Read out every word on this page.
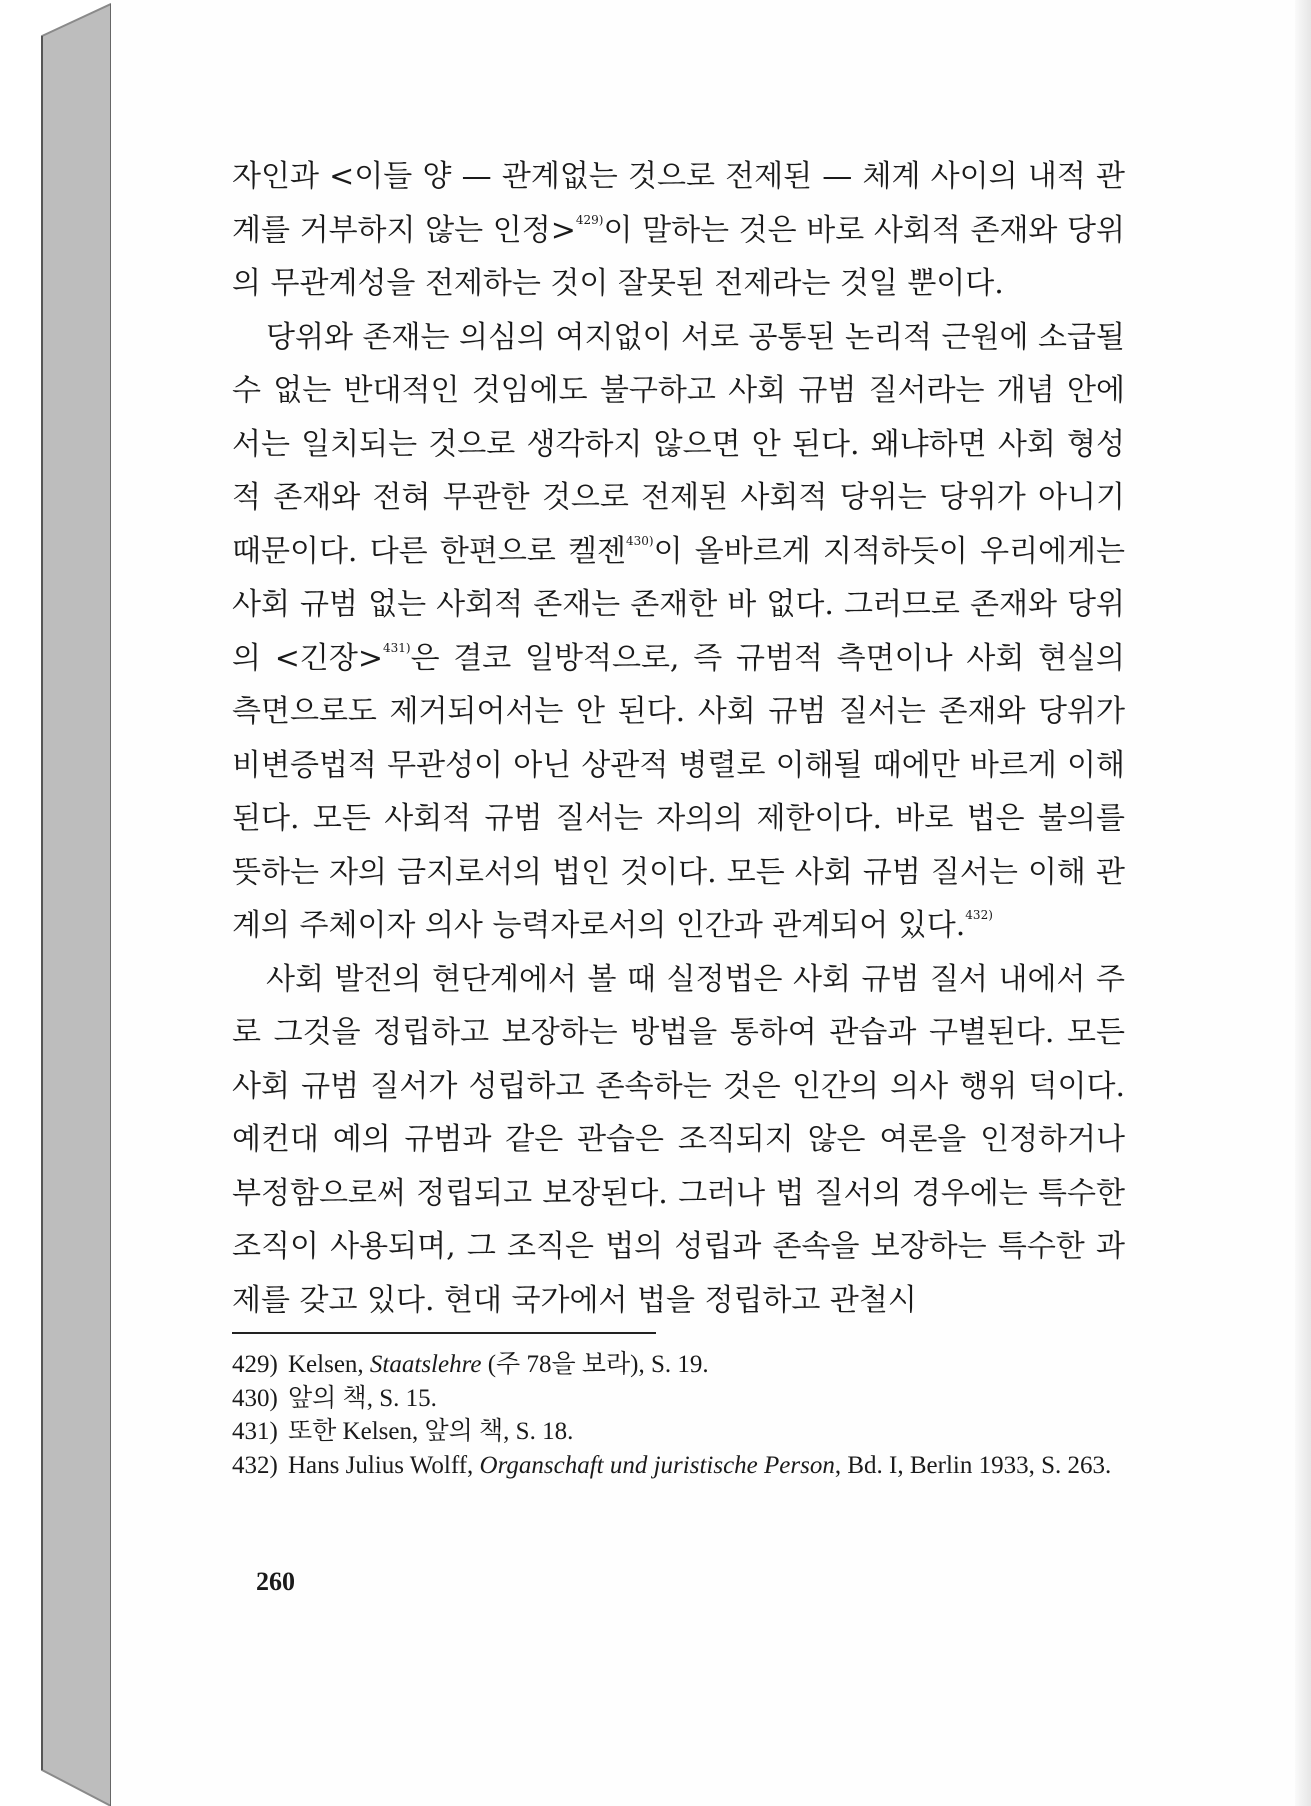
자인과 <이들 양 — 관계없는 것으로 전제된 — 체계 사이의 내적 관계를 거부하지 않는 인정>$^{429)}$이 말하는 것은 바로 사회적 존재와 당위의 무관계성을 전제하는 것이 잘못된 전제라는 것일 뿐이다.

당위와 존재는 의심의 여지없이 서로 공통된 논리적 근원에 소급될 수 없는 반대적인 것임에도 불구하고 사회 규범 질서라는 개념 안에서는 일치되는 것으로 생각하지 않으면 안 된다. 왜냐하면 사회 형성적 존재와 전혀 무관한 것으로 전제된 사회적 당위는 당위가 아니기 때문이다. 다른 한편으로 켈젠$^{430)}$이 올바르게 지적하듯이 우리에게는 사회 규범 없는 사회적 존재는 존재한 바 없다. 그러므로 존재와 당위의 <긴장>$^{431)}$은 결코 일방적으로, 즉 규범적 측면이나 사회 현실의 측면으로도 제거되어서는 안 된다. 사회 규범 질서는 존재와 당위가 비변증법적 무관성이 아닌 상관적 병렬로 이해될 때에만 바르게 이해된다. 모든 사회적 규범 질서는 자의의 제한이다. 바로 법은 불의를 뜻하는 자의 금지로서의 법인 것이다. 모든 사회 규범 질서는 이해 관계의 주체이자 의사 능력자로서의 인간과 관계되어 있다.$^{432)}$

사회 발전의 현단계에서 볼 때 실정법은 사회 규범 질서 내에서 주로 그것을 정립하고 보장하는 방법을 통하여 관습과 구별된다. 모든 사회 규범 질서가 성립하고 존속하는 것은 인간의 의사 행위 덕이다. 예컨대 예의 규범과 같은 관습은 조직되지 않은 여론을 인정하거나 부정함으로써 정립되고 보장된다. 그러나 법 질서의 경우에는 특수한 조직이 사용되며, 그 조직은 법의 성립과 존속을 보장하는 특수한 과제를 갖고 있다. 현대 국가에서 법을 정립하고 관철시

429) Kelsen, Staatslehre (주 78을 보라), S. 19.
430) 앞의 책, S. 15.
431) 또한 Kelsen, 앞의 책, S. 18.
432) Hans Julius Wolff, Organschaft und juristische Person, Bd. I, Berlin 1933, S. 263.
260
